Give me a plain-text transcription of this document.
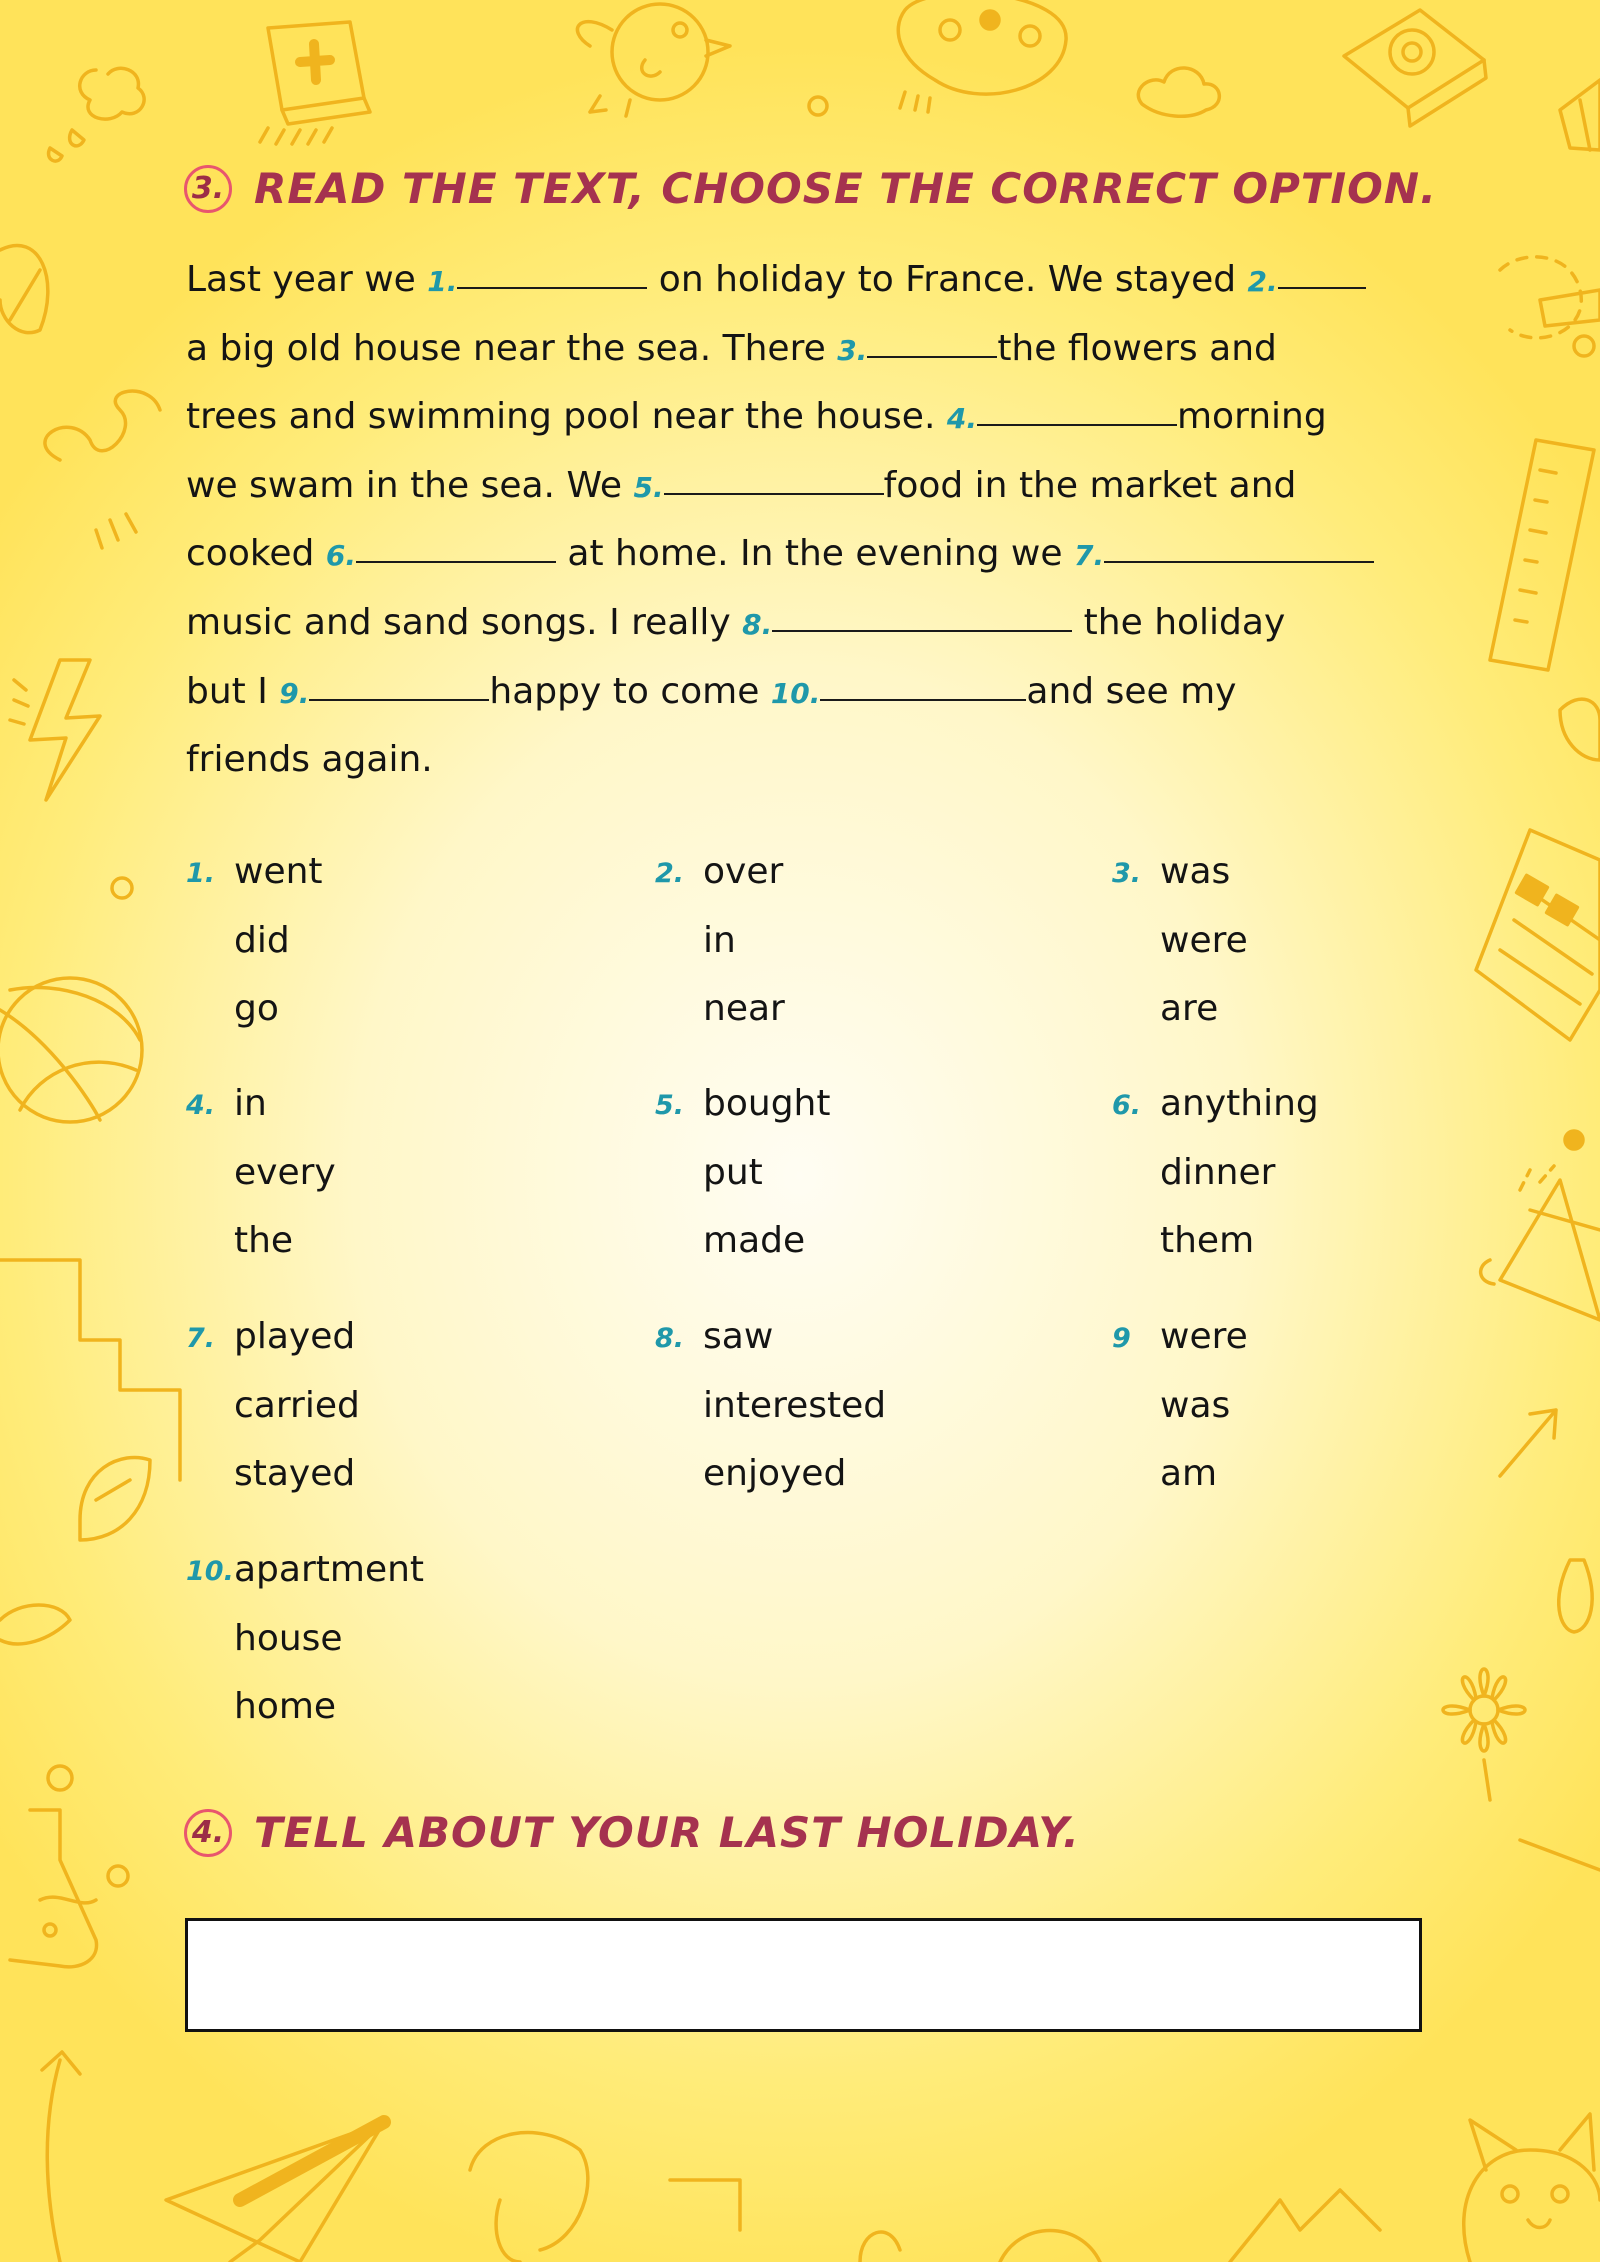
3. READ THE TEXT, CHOOSE THE CORRECT OPTION.
Last year we 1.	on holiday to France. We stayed 2.
a big old house near the sea. There 3.	the flowers and
trees and swimming pool near the house. 4.	morning
we swam in the sea. We 5.	food in the market and
cooked 6.	at home. In the evening we 7.
music and sand songs. I really 8.	the holiday
but I 9.	happy to come 10.	and see my
friends again.
1. went
did
go
2. over
in
near
3. was
were
are
4. in
every
the
5. bought
put
made
6. anything
dinner
them
7. played
carried
stayed
8. saw
interested
enjoyed
9 were
was
am
10. apartment
house
home
4. TELL ABOUT YOUR LAST HOLIDAY.
